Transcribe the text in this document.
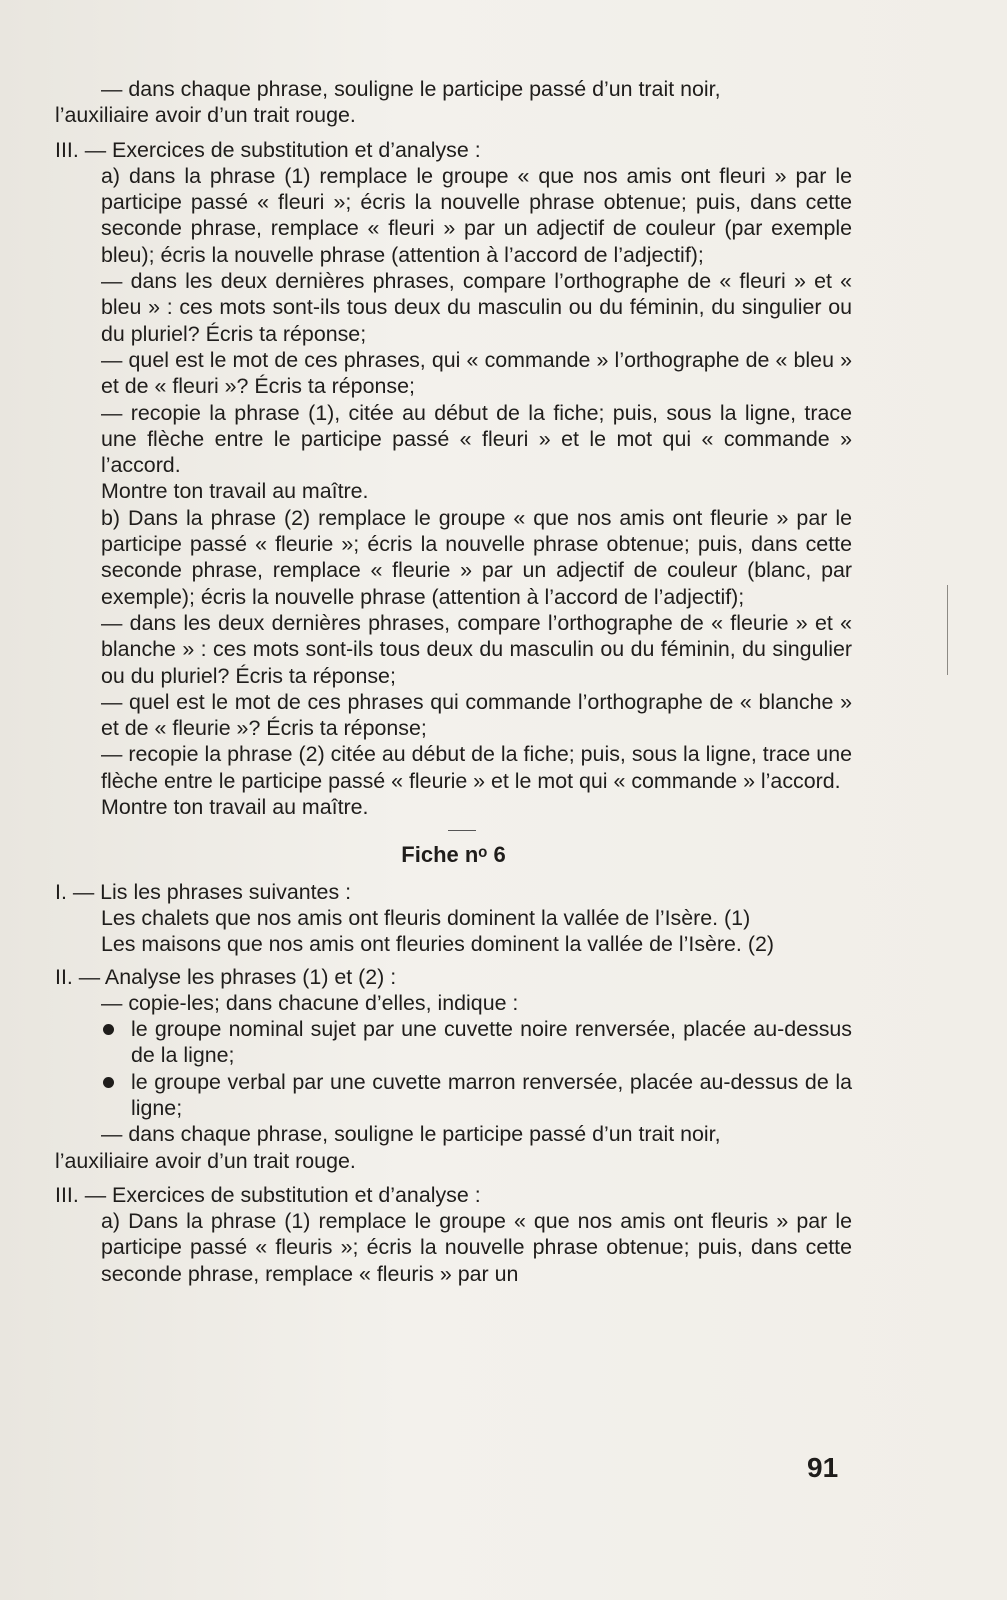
— dans chaque phrase, souligne le participe passé d’un trait noir,

l’auxiliaire avoir d’un trait rouge.

III. — Exercices de substitution et d’analyse :

a) dans la phrase (1) remplace le groupe « que nos amis ont fleuri » par le participe passé « fleuri »; écris la nouvelle phrase obtenue; puis, dans cette seconde phrase, remplace « fleuri » par un adjectif de couleur (par exemple bleu); écris la nouvelle phrase (attention à l’accord de l’adjectif);

— dans les deux dernières phrases, compare l’orthographe de « fleuri » et « bleu » : ces mots sont-ils tous deux du masculin ou du féminin, du singulier ou du pluriel? Écris ta réponse;

— quel est le mot de ces phrases, qui « commande » l’orthographe de « bleu » et de « fleuri »? Écris ta réponse;

— recopie la phrase (1), citée au début de la fiche; puis, sous la ligne, trace une flèche entre le participe passé « fleuri » et le mot qui « commande » l’accord.

Montre ton travail au maître.

b) Dans la phrase (2) remplace le groupe « que nos amis ont fleurie » par le participe passé « fleurie »; écris la nouvelle phrase obtenue; puis, dans cette seconde phrase, remplace « fleurie » par un adjectif de couleur (blanc, par exemple); écris la nouvelle phrase (attention à l’accord de l’adjectif);

— dans les deux dernières phrases, compare l’orthographe de « fleurie » et « blanche » : ces mots sont-ils tous deux du masculin ou du féminin, du singulier ou du pluriel? Écris ta réponse;

— quel est le mot de ces phrases qui commande l’orthographe de « blanche » et de « fleurie »? Écris ta réponse;

— recopie la phrase (2) citée au début de la fiche; puis, sous la ligne, trace une flèche entre le participe passé « fleurie » et le mot qui « commande » l’accord.

Montre ton travail au maître.

Fiche nᵒ 6

I. — Lis les phrases suivantes :

Les chalets que nos amis ont fleuris dominent la vallée de l’Isère. (1)

Les maisons que nos amis ont fleuries dominent la vallée de l’Isère. (2)

II. — Analyse les phrases (1) et (2) :

— copie-les; dans chacune d’elles, indique :

le groupe nominal sujet par une cuvette noire renversée, placée au-dessus de la ligne;

le groupe verbal par une cuvette marron renversée, placée au-dessus de la ligne;

— dans chaque phrase, souligne le participe passé d’un trait noir,

l’auxiliaire avoir d’un trait rouge.

III. — Exercices de substitution et d’analyse :

a) Dans la phrase (1) remplace le groupe « que nos amis ont fleuris » par le participe passé « fleuris »; écris la nouvelle phrase obtenue; puis, dans cette seconde phrase, remplace « fleuris » par un

91
